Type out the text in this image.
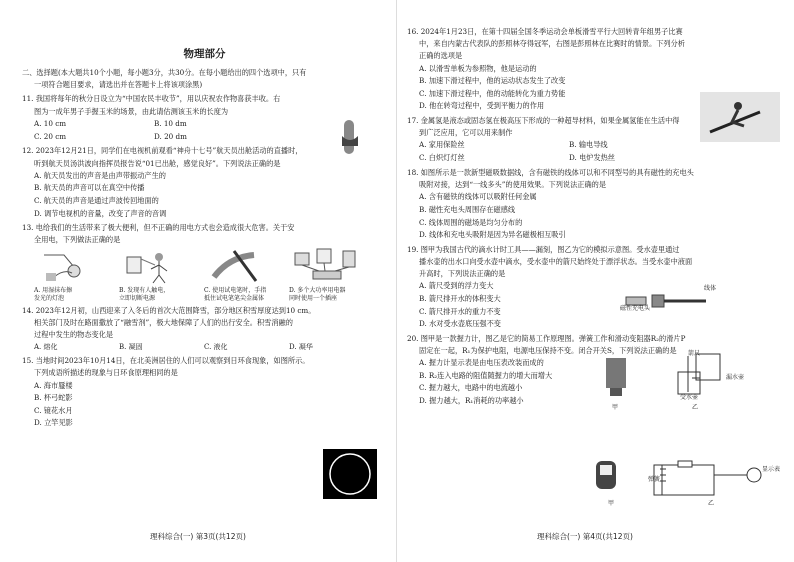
物理部分

二、选择题(本大题共10个小题，每小题3分，共30分。在每小题给出的四个选项中，只有

一项符合题目要求，请选出并在答题卡上将该项涂黑)

11. 我国将每年的秋分日设立为“中国农民丰收节”，用以庆祝农作物喜获丰收。右

图为一成年男子手握玉米的场景，由此请估测该玉米的长度为

A. 10 cm	B. 10 dm
C. 20 cm	D. 20 dm

12. 2023年12月21日，同学们在电视机前观看“神舟十七号”航天员出舱活动的直播时，

听到航天员汤洪波向指挥员报告说“01已出舱，感觉良好”。下列说法正确的是

A. 航天员发出的声音是由声带振动产生的
B. 航天员的声音可以在真空中传播
C. 航天员的声音是通过声波传回地面的
D. 调节电视机的音量，改变了声音的音调

13. 电给我们的生活带来了极大便利，但不正确的用电方式也会造成很大危害。关于安

全用电，下列做法正确的是

A. 用湿抹布擦
发光的灯泡
B. 发现有人触电，
立即切断电源
C. 使用试电笔时，手指
抵住试电笔笔尖金属体
D. 多个大功率用电器
同时使用一个插座

14. 2023年12月初，山西迎来了入冬后的首次大范围降雪，部分地区积雪厚度达到10 cm。

相关部门及时在路面撒放了“融雪剂”，极大地保障了人们的出行安全。积雪消融的

过程中发生的物态变化是

A. 熔化	B. 凝固	C. 液化	D. 凝华

15. 当地时间2023年10月14日，在北美洲居住的人们可以观察到日环食现象，如图所示。

下列成语所描述的现象与日环食原理相同的是

A. 海市蜃楼
B. 杯弓蛇影
C. 镜花水月
D. 立竿见影
理科综合(一) 第3页(共12页)

16. 2024年1月23日，在第十四届全国冬季运动会单板滑雪平行大回转青年组男子比赛

中，来自内蒙古代表队的彭照林夺得冠军，右图是彭照林在比赛时的情景。下列分析

正确的选项是

A. 以滑雪单板为参照物，他是运动的
B. 加速下滑过程中，他的运动状态发生了改变
C. 加速下滑过程中，他的动能转化为重力势能
D. 他在转弯过程中，受到平衡力的作用

17. 金属氢是液态或固态氢在极高压下形成的一种超导材料，如果金属氢能在生活中得

到广泛应用，它可以用来制作

A. 家用保险丝	B. 输电导线
C. 白炽灯灯丝	D. 电炉发热丝

18. 如图所示是一款新型磁吸数据线，含有磁铁的线体可以和不同型号的具有磁性的充电头

吸附对接，达到“一线多头”的使用效果。下列说法正确的是

A. 含有磁铁的线体可以吸附任何金属
B. 磁性充电头周围存在磁感线
C. 线体周围的磁场是均匀分布的
D. 线体和充电头吸附是因为异名磁极相互吸引

19. 图甲为我国古代的滴水计时工具——漏刻，图乙为它的模拟示意图。受水壶里通过

播水壶的出水口向受水壶中滴水，受水壶中的箭尺始终处于漂浮状态。当受水壶中液面

升高时，下列说法正确的是

A. 箭尺受到的浮力变大
B. 箭尺排开水的体积变大
C. 箭尺排开水的重力不变
D. 水对受水壶底压强不变

20. 图甲是一款握力计，图乙是它的简易工作原理图。弹簧工作和滑动变阻器R₂的滑片P

固定在一起，R₁为保护电阻，电源电压保持不变。闭合开关S，下列说法正确的是

A. 握力计显示表是由电压表改装而成的
B. R₂连入电路的阻值随握力的增大而增大
C. 握力越大，电路中的电流越小
D. 握力越大，R₁消耗的功率越小
理科综合(一) 第4页(共12页)
线体
磁性充电头
箭尺
漏水壶
受水壶
甲	乙
弹簧
显示表
甲	乙
